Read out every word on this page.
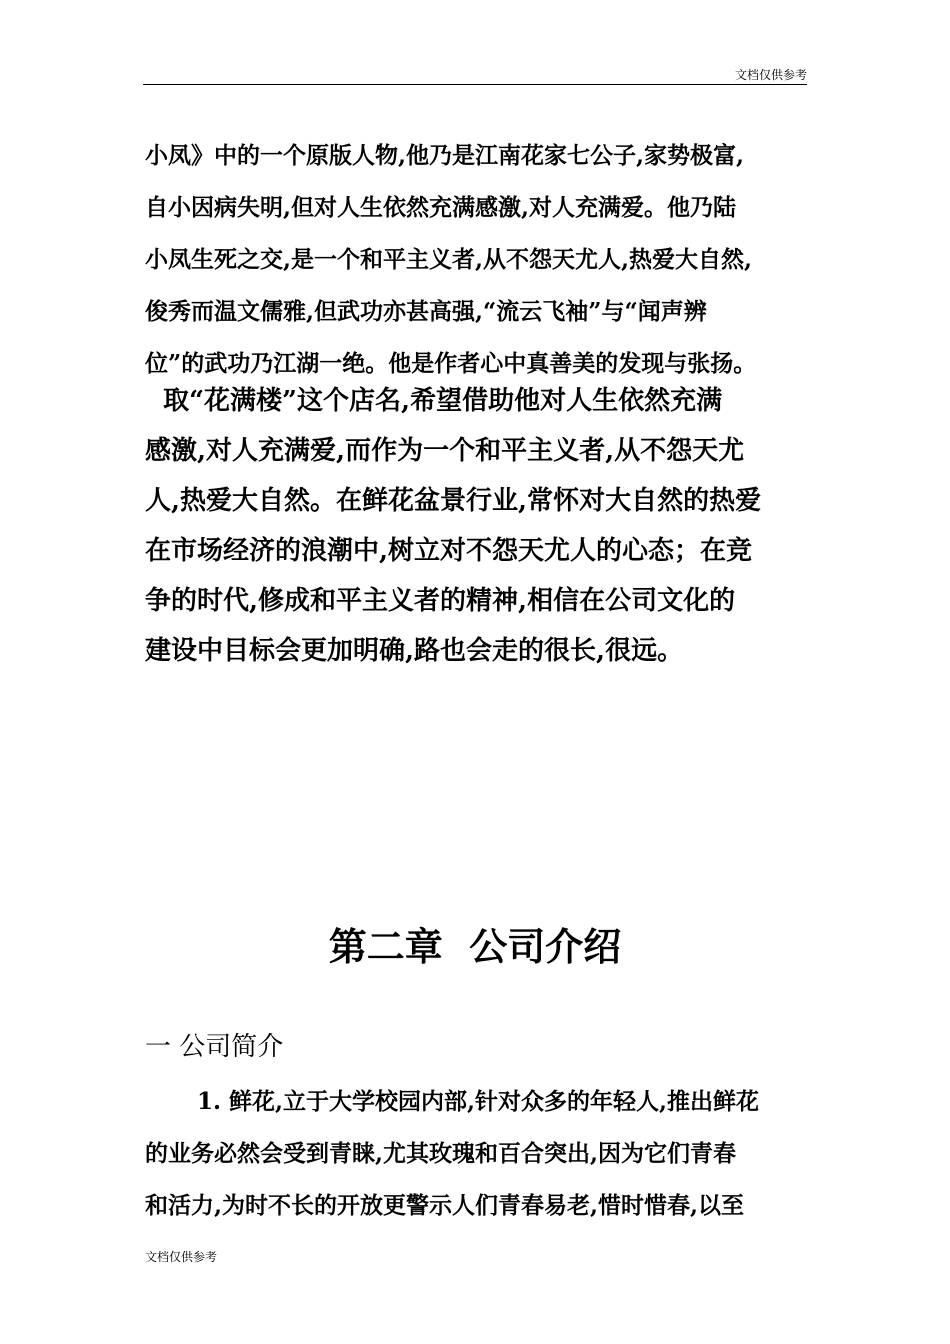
文档仅供参考
小凤》中的一个原版人物,他乃是江南花家七公子,家势极富,
自小因病失明,但对人生依然充满感激,对人充满爱。他乃陆
小凤生死之交,是一个和平主义者,从不怨天尤人,热爱大自然,
俊秀而温文儒雅,但武功亦甚高强,“流云飞袖”与“闻声辨
位”的武功乃江湖一绝。他是作者心中真善美的发现与张扬。
取“花满楼”这个店名,希望借助他对人生依然充满
感激,对人充满爱,而作为一个和平主义者,从不怨天尤
人,热爱大自然。在鲜花盆景行业,常怀对大自然的热爱
在市场经济的浪潮中,树立对不怨天尤人的心态；在竞
争的时代,修成和平主义者的精神,相信在公司文化的
建设中目标会更加明确,路也会走的很长,很远。
第二章  公司介绍
一 公司简介
1. 鲜花,立于大学校园内部,针对众多的年轻人,推出鲜花
的业务必然会受到青睐,尤其玫瑰和百合突出,因为它们青春
和活力,为时不长的开放更警示人们青春易老,惜时惜春,以至
文档仅供参考
